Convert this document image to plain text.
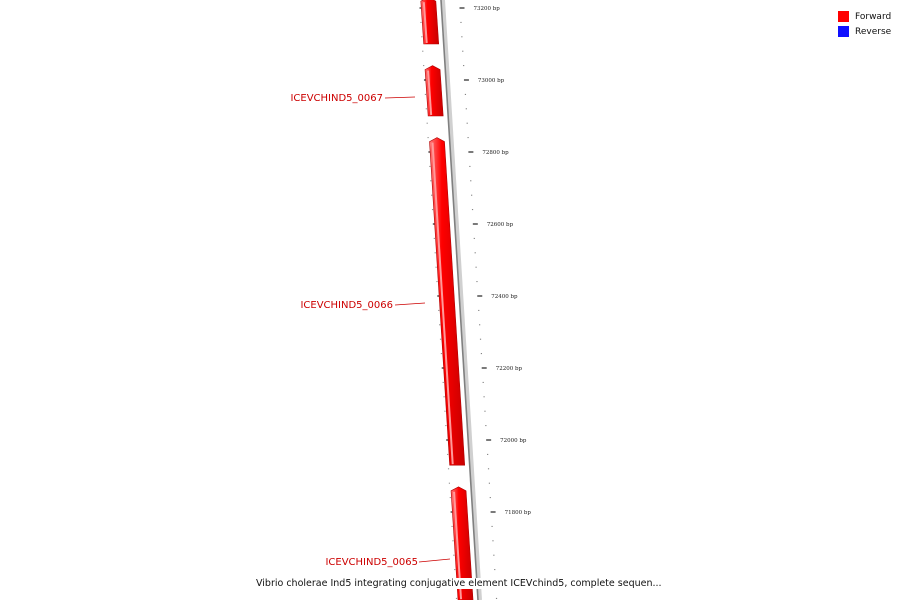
73200 bp
73000 bp
72800 bp
72600 bp
72400 bp
72200 bp
72000 bp
71800 bp
ICEVCHIND5_0067
ICEVCHIND5_0066
ICEVCHIND5_0065
Forward
Reverse
Vibrio cholerae Ind5 integrating conjugative element ICEVchind5, complete sequen...
